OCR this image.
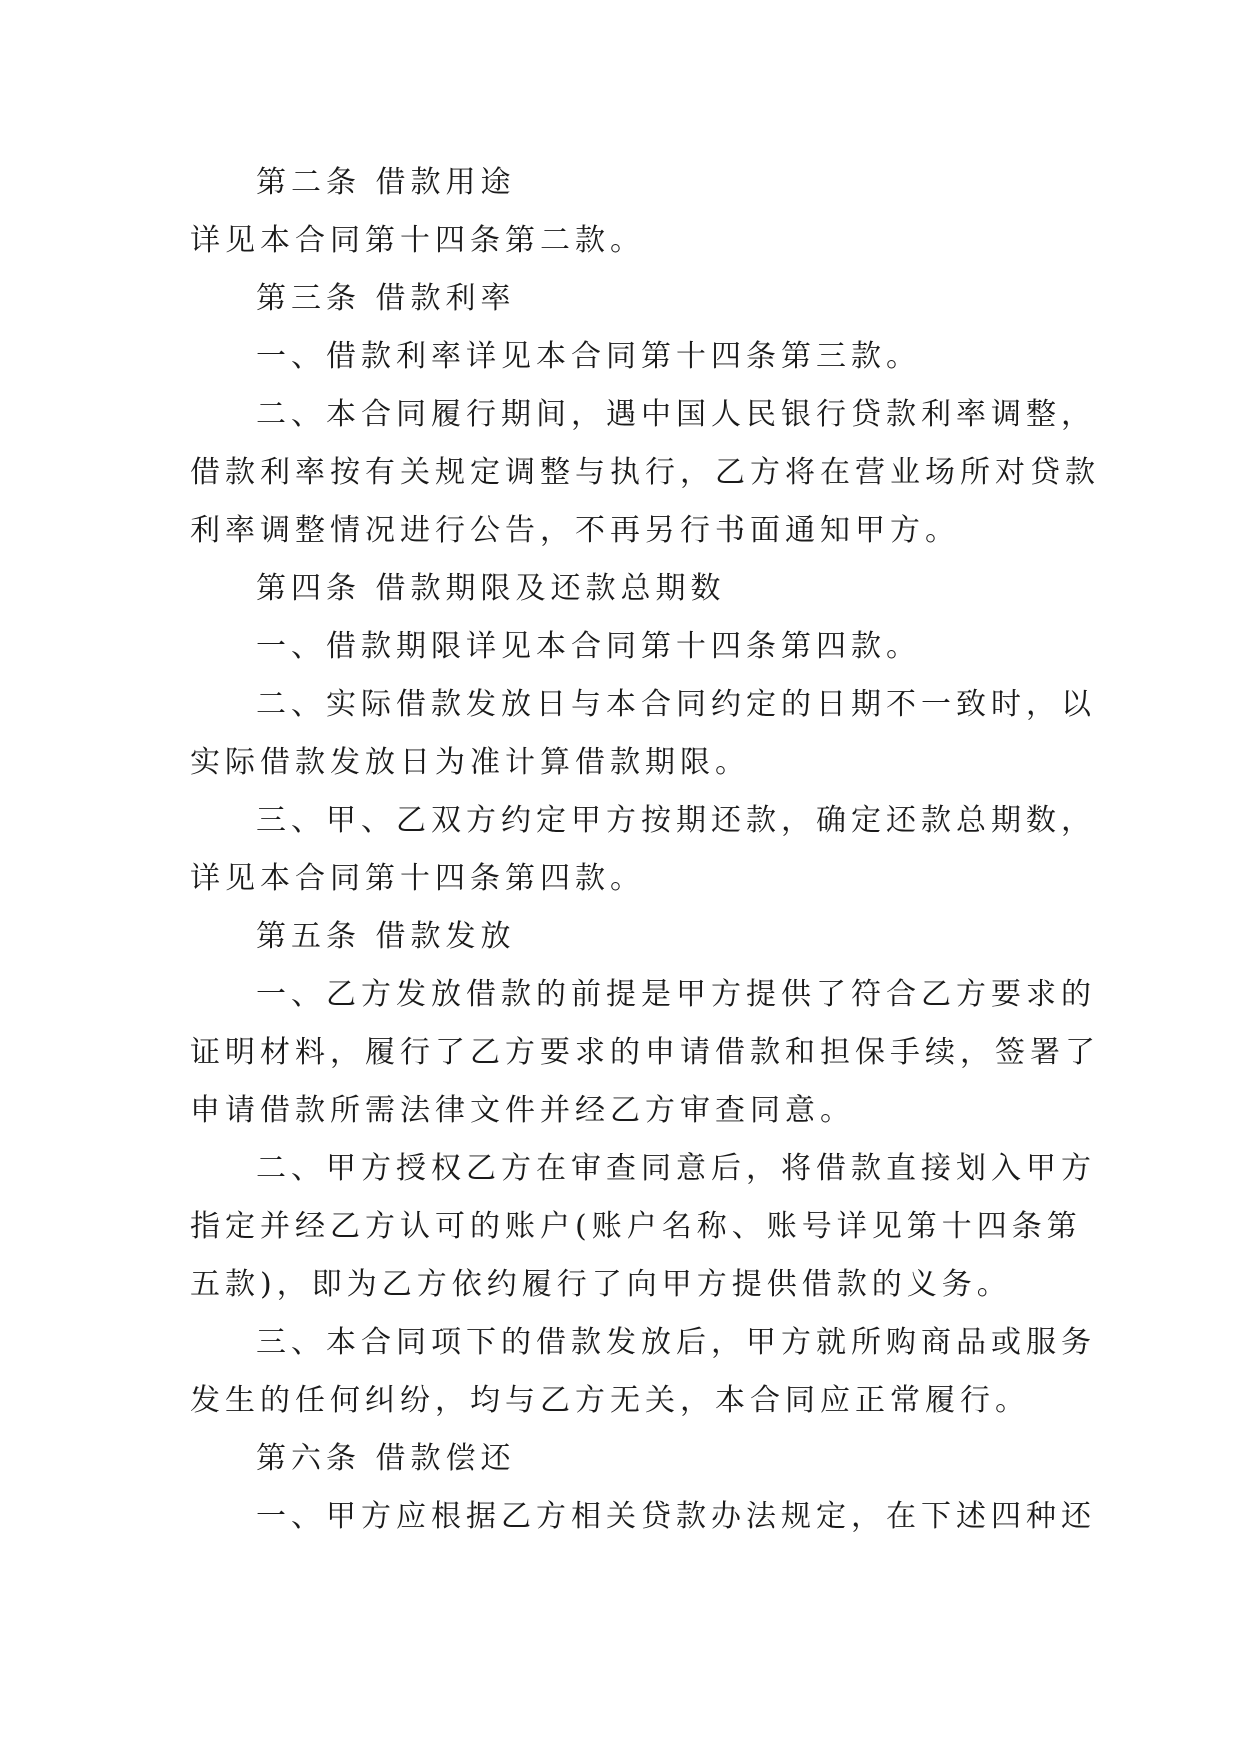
第二条 借款用途
详见本合同第十四条第二款。
第三条 借款利率
一、借款利率详见本合同第十四条第三款。
二、本合同履行期间，遇中国人民银行贷款利率调整，
借款利率按有关规定调整与执行，乙方将在营业场所对贷款
利率调整情况进行公告，不再另行书面通知甲方。
第四条 借款期限及还款总期数
一、借款期限详见本合同第十四条第四款。
二、实际借款发放日与本合同约定的日期不一致时，以
实际借款发放日为准计算借款期限。
三、甲、乙双方约定甲方按期还款，确定还款总期数，
详见本合同第十四条第四款。
第五条 借款发放
一、乙方发放借款的前提是甲方提供了符合乙方要求的
证明材料，履行了乙方要求的申请借款和担保手续，签署了
申请借款所需法律文件并经乙方审查同意。
二、甲方授权乙方在审查同意后，将借款直接划入甲方
指定并经乙方认可的账户(账户名称、账号详见第十四条第
五款)，即为乙方依约履行了向甲方提供借款的义务。
三、本合同项下的借款发放后，甲方就所购商品或服务
发生的任何纠纷，均与乙方无关，本合同应正常履行。
第六条 借款偿还
一、甲方应根据乙方相关贷款办法规定，在下述四种还
